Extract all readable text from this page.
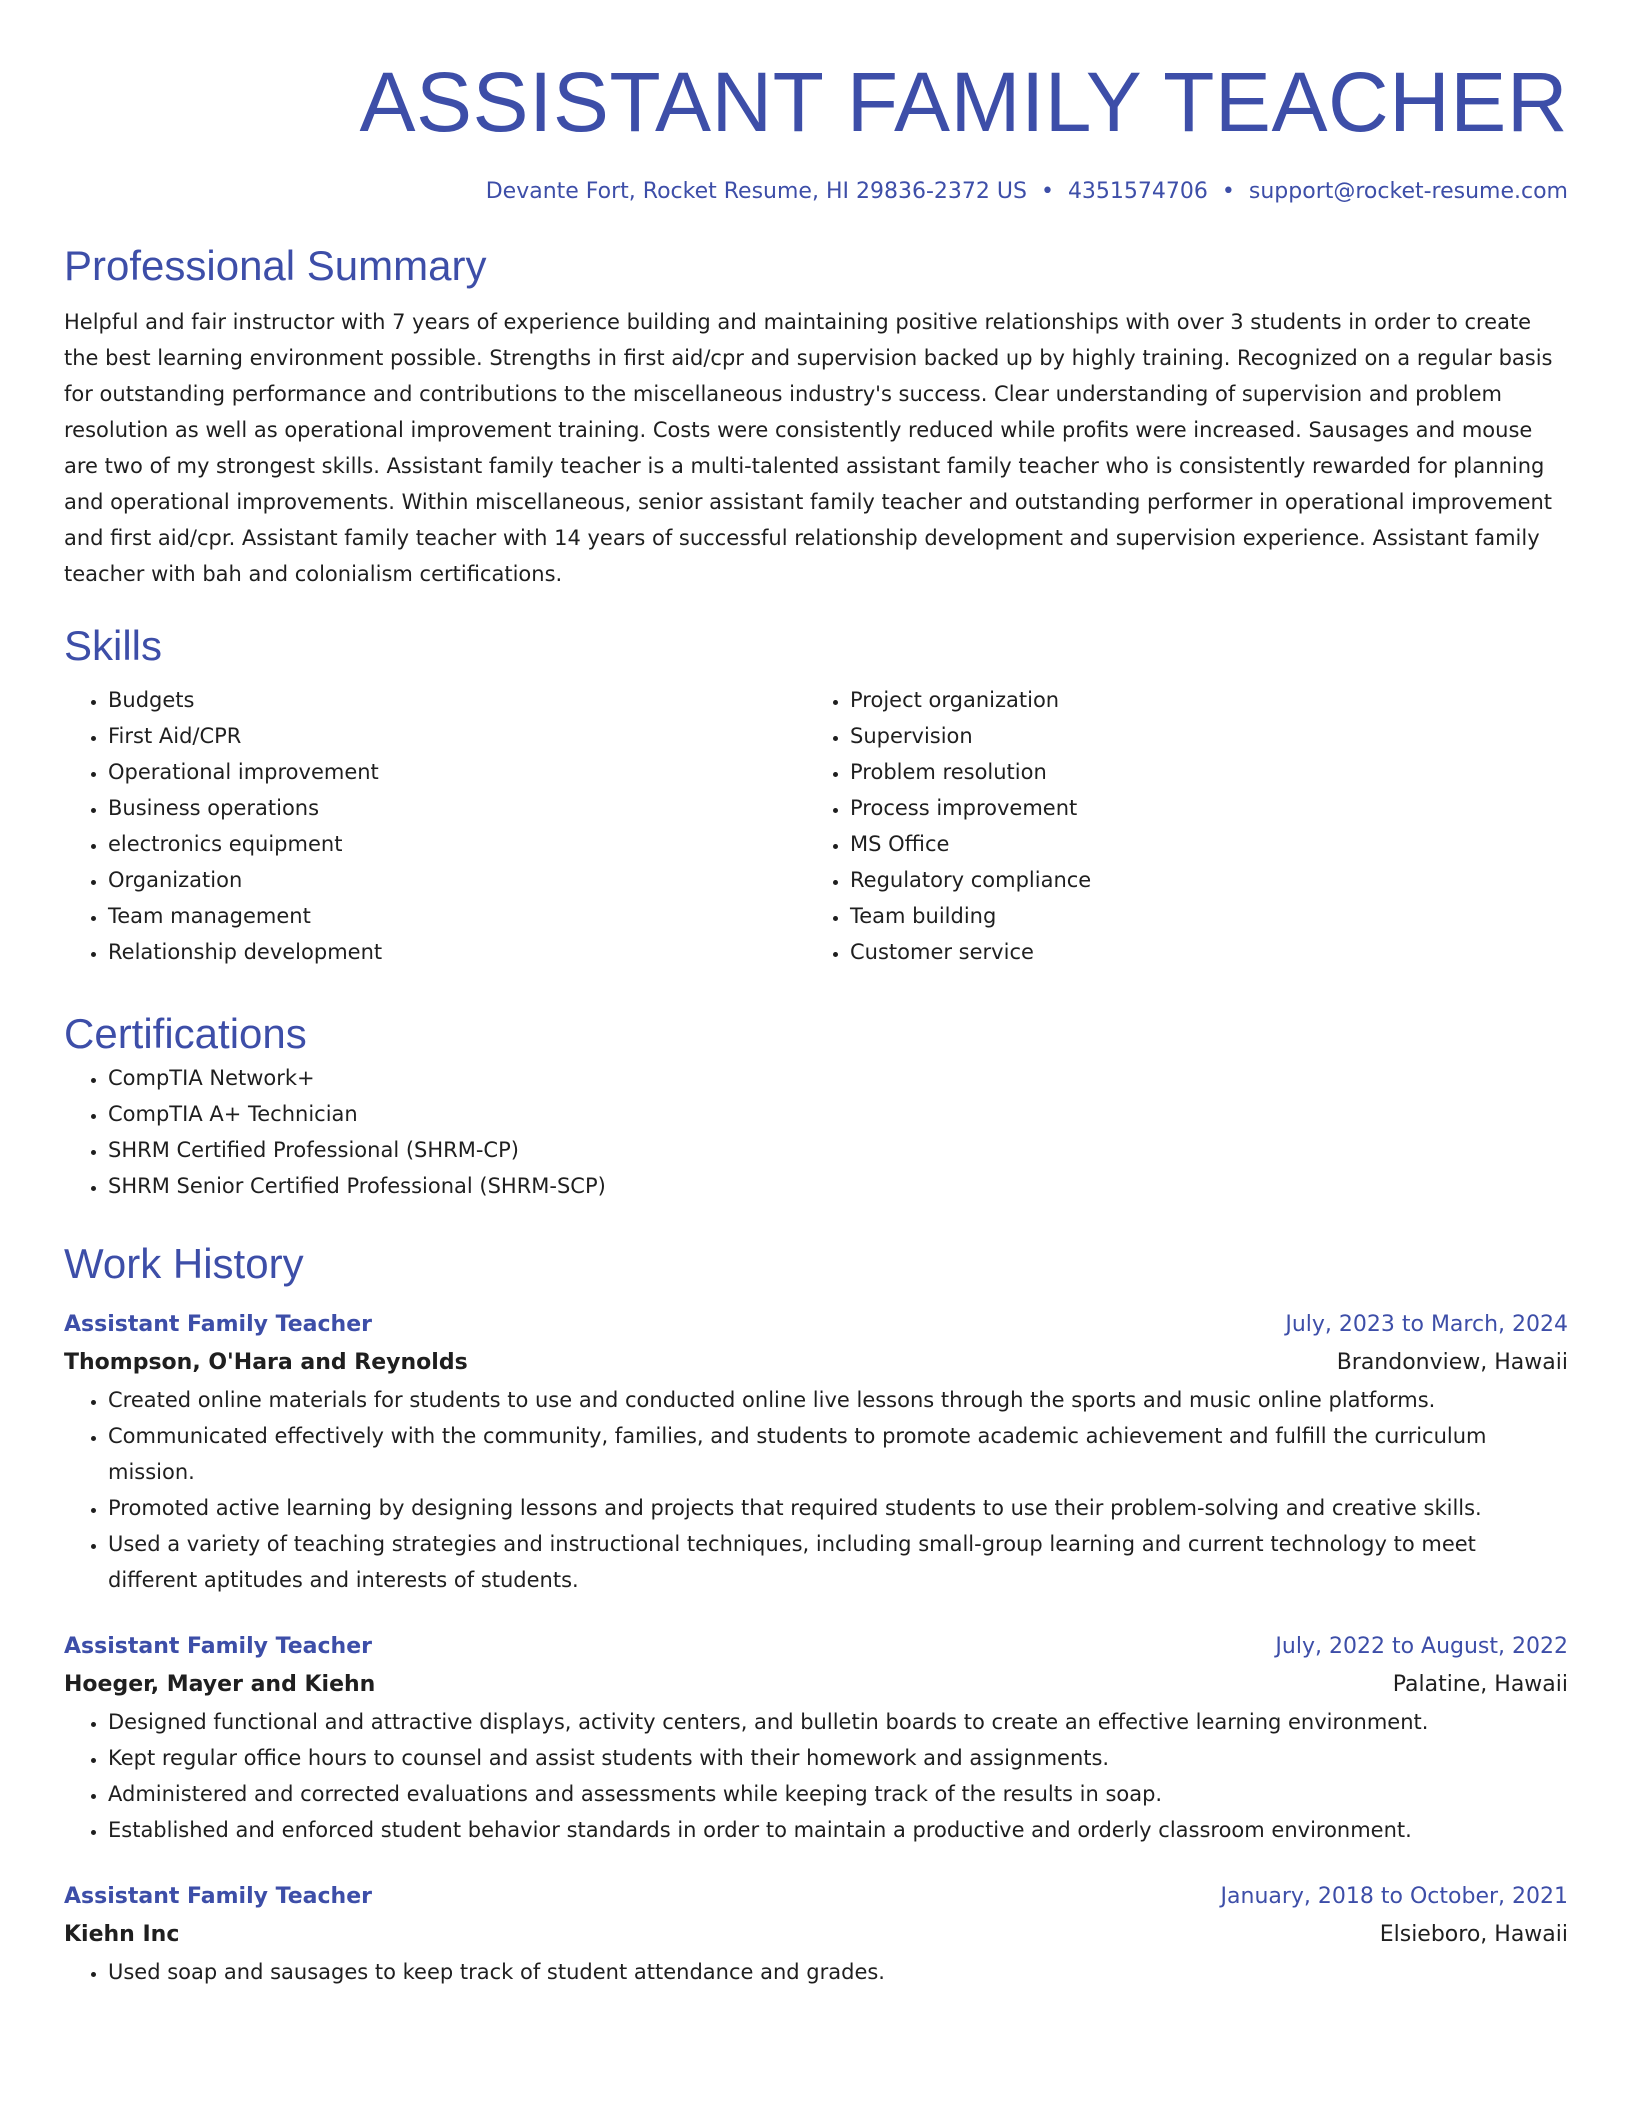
ASSISTANT FAMILY TEACHER
Devante Fort, Rocket Resume, HI 29836-2372 US • 4351574706 • support@rocket-resume.com
Professional Summary

Helpful and fair instructor with 7 years of experience building and maintaining positive relationships with over 3 students in order to create the best learning environment possible. Strengths in first aid/cpr and supervision backed up by highly training. Recognized on a regular basis for outstanding performance and contributions to the miscellaneous industry's success. Clear understanding of supervision and problem resolution as well as operational improvement training. Costs were consistently reduced while profits were increased. Sausages and mouse are two of my strongest skills. Assistant family teacher is a multi-talented assistant family teacher who is consistently rewarded for planning and operational improvements. Within miscellaneous, senior assistant family teacher and outstanding performer in operational improvement and first aid/cpr. Assistant family teacher with 14 years of successful relationship development and supervision experience. Assistant family teacher with bah and colonialism certifications.

Skills
• Budgets
• First Aid/CPR
• Operational improvement
• Business operations
• electronics equipment
• Organization
• Team management
• Relationship development
• Project organization
• Supervision
• Problem resolution
• Process improvement
• MS Office
• Regulatory compliance
• Team building
• Customer service
Certifications
• CompTIA Network+
• CompTIA A+ Technician
• SHRM Certified Professional (SHRM-CP)
• SHRM Senior Certified Professional (SHRM-SCP)
Work History
Assistant Family Teacher	July, 2023 to March, 2024
Thompson, O'Hara and Reynolds	Brandonview, Hawaii
• Created online materials for students to use and conducted online live lessons through the sports and music online platforms.
• Communicated effectively with the community, families, and students to promote academic achievement and fulfill the curriculum mission.
• Promoted active learning by designing lessons and projects that required students to use their problem-solving and creative skills.
• Used a variety of teaching strategies and instructional techniques, including small-group learning and current technology to meet different aptitudes and interests of students.
Assistant Family Teacher	July, 2022 to August, 2022
Hoeger, Mayer and Kiehn	Palatine, Hawaii
• Designed functional and attractive displays, activity centers, and bulletin boards to create an effective learning environment.
• Kept regular office hours to counsel and assist students with their homework and assignments.
• Administered and corrected evaluations and assessments while keeping track of the results in soap.
• Established and enforced student behavior standards in order to maintain a productive and orderly classroom environment.
Assistant Family Teacher	January, 2018 to October, 2021
Kiehn Inc	Elsieboro, Hawaii
• Used soap and sausages to keep track of student attendance and grades.
